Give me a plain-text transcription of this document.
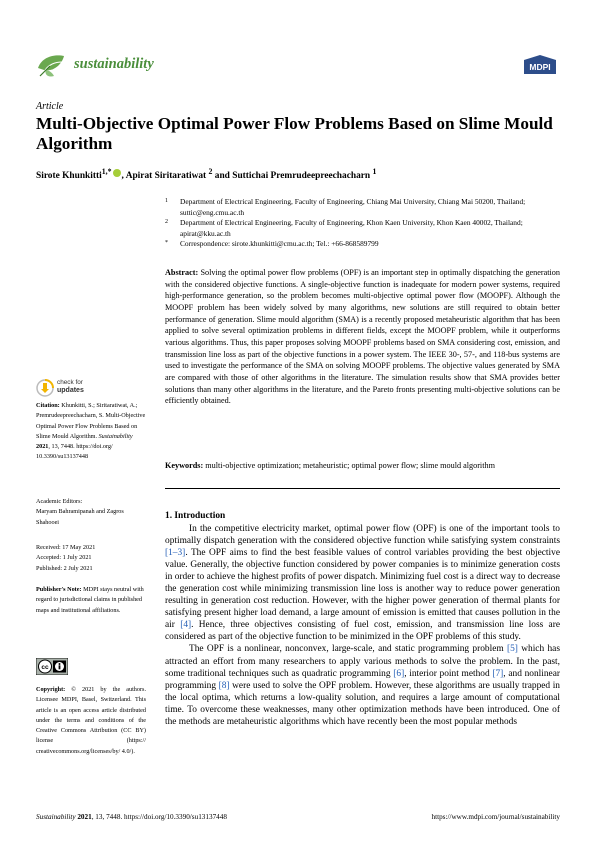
sustainability	MDPI
Article
Multi-Objective Optimal Power Flow Problems Based on Slime Mould Algorithm
Sirote Khunkitti$^{1,*}$ , Apirat Siritaratiwat $^2$ and Suttichai Premrudeepreechacharn $^1$
1 Department of Electrical Engineering, Faculty of Engineering, Chiang Mai University, Chiang Mai 50200, Thailand; suttic@eng.cmu.ac.th
2 Department of Electrical Engineering, Faculty of Engineering, Khon Kaen University, Khon Kaen 40002, Thailand; apirat@kku.ac.th
* Correspondence: sirote.khunkitti@cmu.ac.th; Tel.: +66-868589799
Abstract: Solving the optimal power flow problems (OPF) is an important step in optimally dispatching the generation with the considered objective functions. A single-objective function is inadequate for modern power systems, required high-performance generation, so the problem becomes multi-objective optimal power flow (MOOPF). Although the MOOPF problem has been widely solved by many algorithms, new solutions are still required to obtain better performance of generation. Slime mould algorithm (SMA) is a recently proposed metaheuristic algorithm that has been applied to solve several optimization problems in different fields, except the MOOPF problem, while it outperforms various algorithms. Thus, this paper proposes solving MOOPF problems based on SMA considering cost, emission, and transmission line loss as part of the objective functions in a power system. The IEEE 30-, 57-, and 118-bus systems are used to investigate the performance of the SMA on solving MOOPF problems. The objective values generated by SMA are compared with those of other algorithms in the literature. The simulation results show that SMA provides better solutions than many other algorithms in the literature, and the Pareto fronts presenting multi-objective solutions can be efficiently obtained.
Keywords: multi-objective optimization; metaheuristic; optimal power flow; slime mould algorithm
check for
updates
Citation: Khunkitti, S.; Siritaratiwat, A.; Premrudeepreechacharn, S. Multi-Objective Optimal Power Flow Problems Based on Slime Mould Algorithm. Sustainability 2021, 13, 7448. https://doi.org/ 10.3390/su13137448
Academic Editors:
Maryam Bahramipanah and Zagros Shahooei
Received: 17 May 2021
Accepted: 1 July 2021
Published: 2 July 2021
Publisher's Note: MDPI stays neutral with regard to jurisdictional claims in published maps and institutional affiliations.
cc
Copyright: © 2021 by the authors. Licensee MDPI, Basel, Switzerland. This article is an open access article distributed under the terms and conditions of the Creative Commons Attribution (CC BY) license (https:// creativecommons.org/licenses/by/ 4.0/).
1. Introduction

In the competitive electricity market, optimal power flow (OPF) is one of the important tools to optimally dispatch generation with the considered objective function while satisfying system constraints [1–3]. The OPF aims to find the best feasible values of control variables providing the best objective value. Generally, the objective function considered by power companies is to minimize generation costs in order to achieve the highest profits of power dispatch. Minimizing fuel cost is a direct way to decrease the generation cost while minimizing transmission line loss is another way to reduce power generation resulting in generation cost reduction. However, with the higher power generation of thermal plants for satisfying present higher load demand, a large amount of emission is emitted that causes pollution in the air [4]. Hence, three objectives consisting of fuel cost, emission, and transmission line loss are considered as part of the objective function to be minimized in the OPF problems of this study.

The OPF is a nonlinear, nonconvex, large-scale, and static programming problem [5] which has attracted an effort from many researchers to apply various methods to solve the problem. In the past, some traditional techniques such as quadratic programming [6], interior point method [7], and nonlinear programming [8] were used to solve the OPF problem. However, these algorithms are usually trapped in the local optima, which returns a low-quality solution, and requires a large amount of computational time. To overcome these weaknesses, many other optimization methods have been introduced. One of the methods are metaheuristic algorithms which have recently been the most popular methods

Sustainability 2021, 13, 7448. https://doi.org/10.3390/su13137448	https://www.mdpi.com/journal/sustainability
